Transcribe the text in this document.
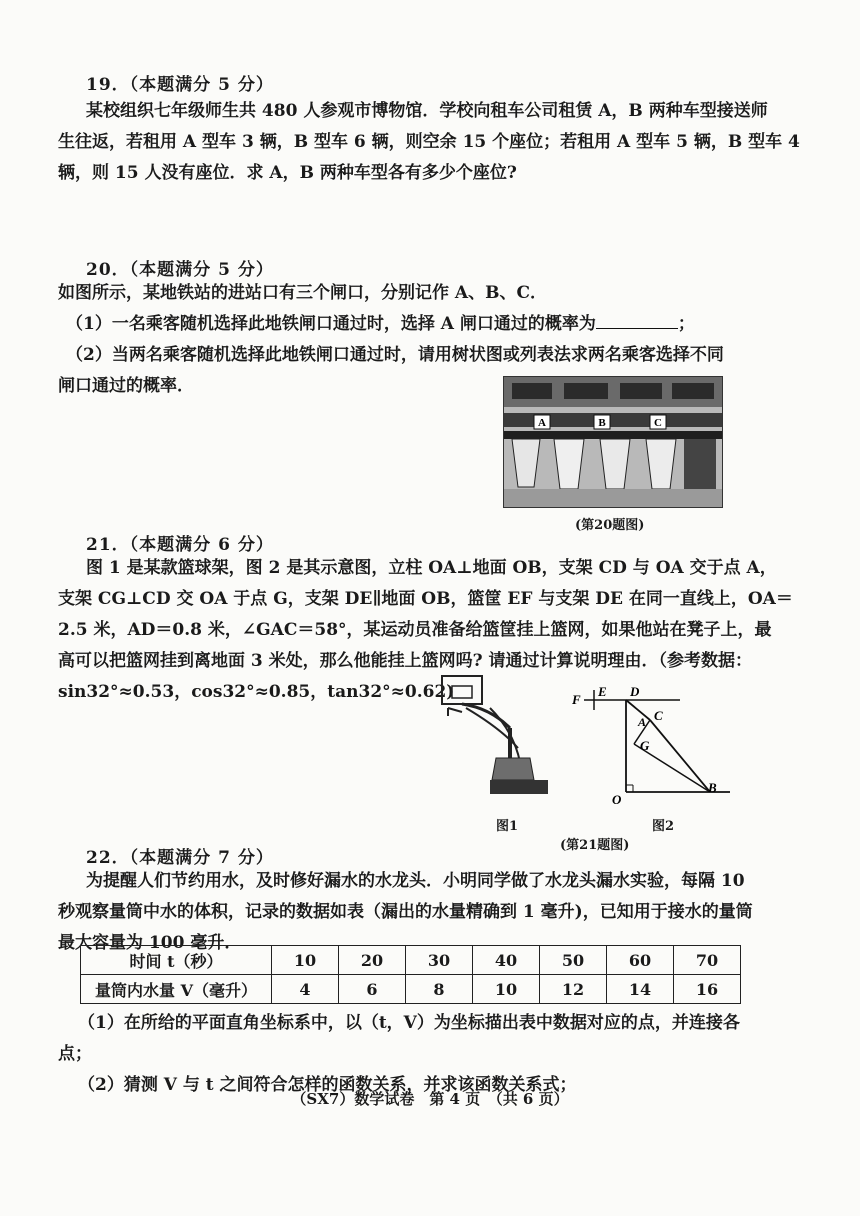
19．（本题满分 5 分）
某校组织七年级师生共 480 人参观市博物馆．学校向租车公司租赁 A，B 两种车型接送师
生往返，若租用 A 型车 3 辆，B 型车 6 辆，则空余 15 个座位；若租用 A 型车 5 辆，B 型车 4
辆，则 15 人没有座位．求 A，B 两种车型各有多少个座位?
20．（本题满分 5 分）
如图所示，某地铁站的进站口有三个闸口，分别记作 A、B、C．
（1）一名乘客随机选择此地铁闸口通过时，选择 A 闸口通过的概率为	；
（2）当两名乘客随机选择此地铁闸口通过时，请用树状图或列表法求两名乘客选择不同
闸口通过的概率．
A	B	C
(第20题图)
21．（本题满分 6 分）
图 1 是某款篮球架，图 2 是其示意图，立柱 OA⊥地面 OB，支架 CD 与 OA 交于点 A，
支架 CG⊥CD 交 OA 于点 G，支架 DE∥地面 OB，篮筐 EF 与支架 DE 在同一直线上，OA＝
2.5 米，AD＝0.8 米，∠GAC＝58°，某运动员准备给篮筐挂上篮网，如果他站在凳子上，最
高可以把篮网挂到离地面 3 米处，那么他能挂上篮网吗? 请通过计算说明理由．（参考数据：
sin32°≈0.53，cos32°≈0.85，tan32°≈0.62)	F
E D
A C
G
O
B
图1	图2
(第21题图)
22．（本题满分 7 分）
为提醒人们节约用水，及时修好漏水的水龙头．小明同学做了水龙头漏水实验，每隔 10
秒观察量筒中水的体积，记录的数据如表（漏出的水量精确到 1 毫升)，已知用于接水的量筒
最大容量为 100 毫升．
时间 t（秒）	10	20	30	40	50	60	70
量筒内水量 V（毫升）	4	6	8	10	12	14	16
（1）在所给的平面直角坐标系中，以（t，V）为坐标描出表中数据对应的点，并连接各
点；
（2）猜测 V 与 t 之间符合怎样的函数关系，并求该函数关系式；
（SX7）数学试卷　第 4 页　（共 6 页）
